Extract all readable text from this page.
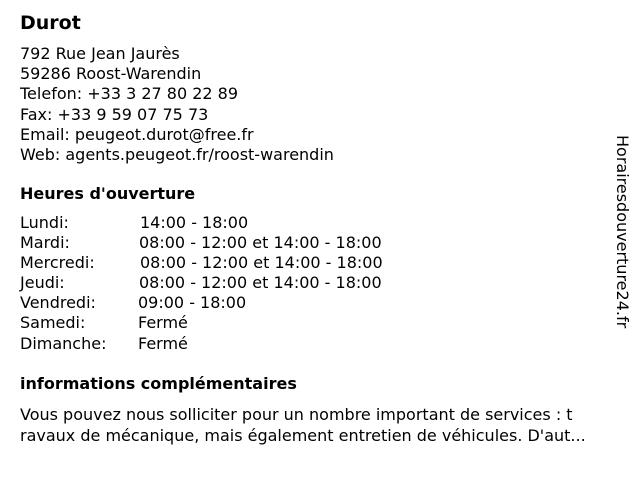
Durot
792 Rue Jean Jaurès
59286 Roost-Warendin
Telefon: +33 3 27 80 22 89
Fax: +33 9 59 07 75 73
Email: peugeot.durot@free.fr
Web: agents.peugeot.fr/roost-warendin
Heures d'ouverture
Lundi:	14:00 - 18:00
Mardi:	08:00 - 12:00 et 14:00 - 18:00
Mercredi:	08:00 - 12:00 et 14:00 - 18:00
Jeudi:	08:00 - 12:00 et 14:00 - 18:00
Vendredi:	09:00 - 18:00
Samedi:	Fermé
Dimanche: Fermé
informations complémentaires

Vous pouvez nous solliciter pour un nombre important de services : t
ravaux de mécanique, mais également entretien de véhicules. D'aut...

Horairesdouverture24.fr
